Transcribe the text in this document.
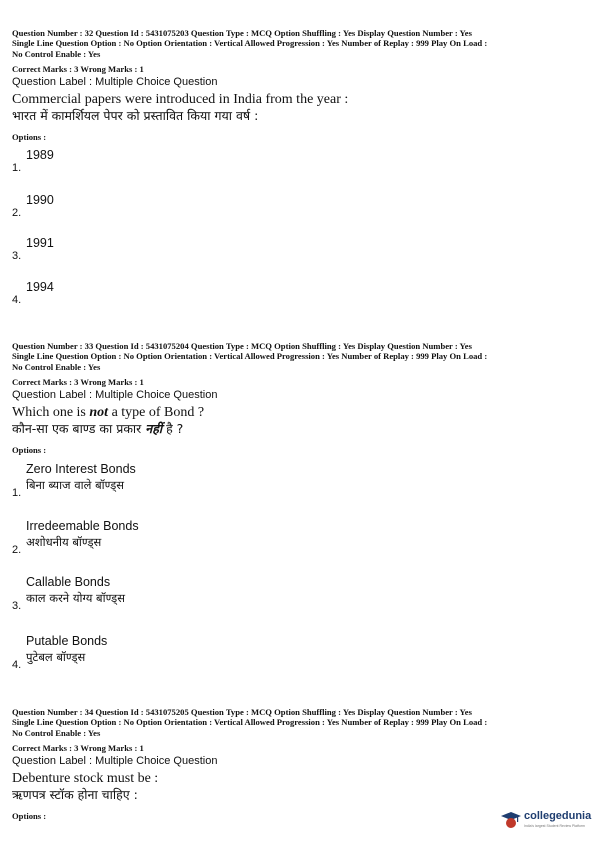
Question Number : 32 Question Id : 5431075203 Question Type : MCQ Option Shuffling : Yes Display Question Number : Yes
Single Line Question Option : No Option Orientation : Vertical Allowed Progression : Yes Number of Replay : 999 Play On Load :
No Control Enable : Yes
Correct Marks : 3 Wrong Marks : 1
Question Label : Multiple Choice Question
Commercial papers were introduced in India from the year :
भारत में कामर्शियल पेपर को प्रस्तावित किया गया वर्ष :
Options :
1989
1.
1990
2.
1991
3.
1994
4.
Question Number : 33 Question Id : 5431075204 Question Type : MCQ Option Shuffling : Yes Display Question Number : Yes
Single Line Question Option : No Option Orientation : Vertical Allowed Progression : Yes Number of Replay : 999 Play On Load :
No Control Enable : Yes
Correct Marks : 3 Wrong Marks : 1
Question Label : Multiple Choice Question
Which one is not a type of Bond ?
कौन-सा एक बाण्ड का प्रकार नहीं है ?
Options :
Zero Interest Bonds
बिना ब्याज वाले बॉण्ड्स
1.
Irredeemable Bonds
अशोधनीय बॉण्ड्स
2.
Callable Bonds
काल करने योग्य बॉण्ड्स
3.
Putable Bonds
पुटेबल बॉण्ड्स
4.
Question Number : 34 Question Id : 5431075205 Question Type : MCQ Option Shuffling : Yes Display Question Number : Yes
Single Line Question Option : No Option Orientation : Vertical Allowed Progression : Yes Number of Replay : 999 Play On Load :
No Control Enable : Yes
Correct Marks : 3 Wrong Marks : 1
Question Label : Multiple Choice Question
Debenture stock must be :
ऋणपत्र स्टॉक होना चाहिए :
Options :	collegedunia
India's largest Student Review Platform
